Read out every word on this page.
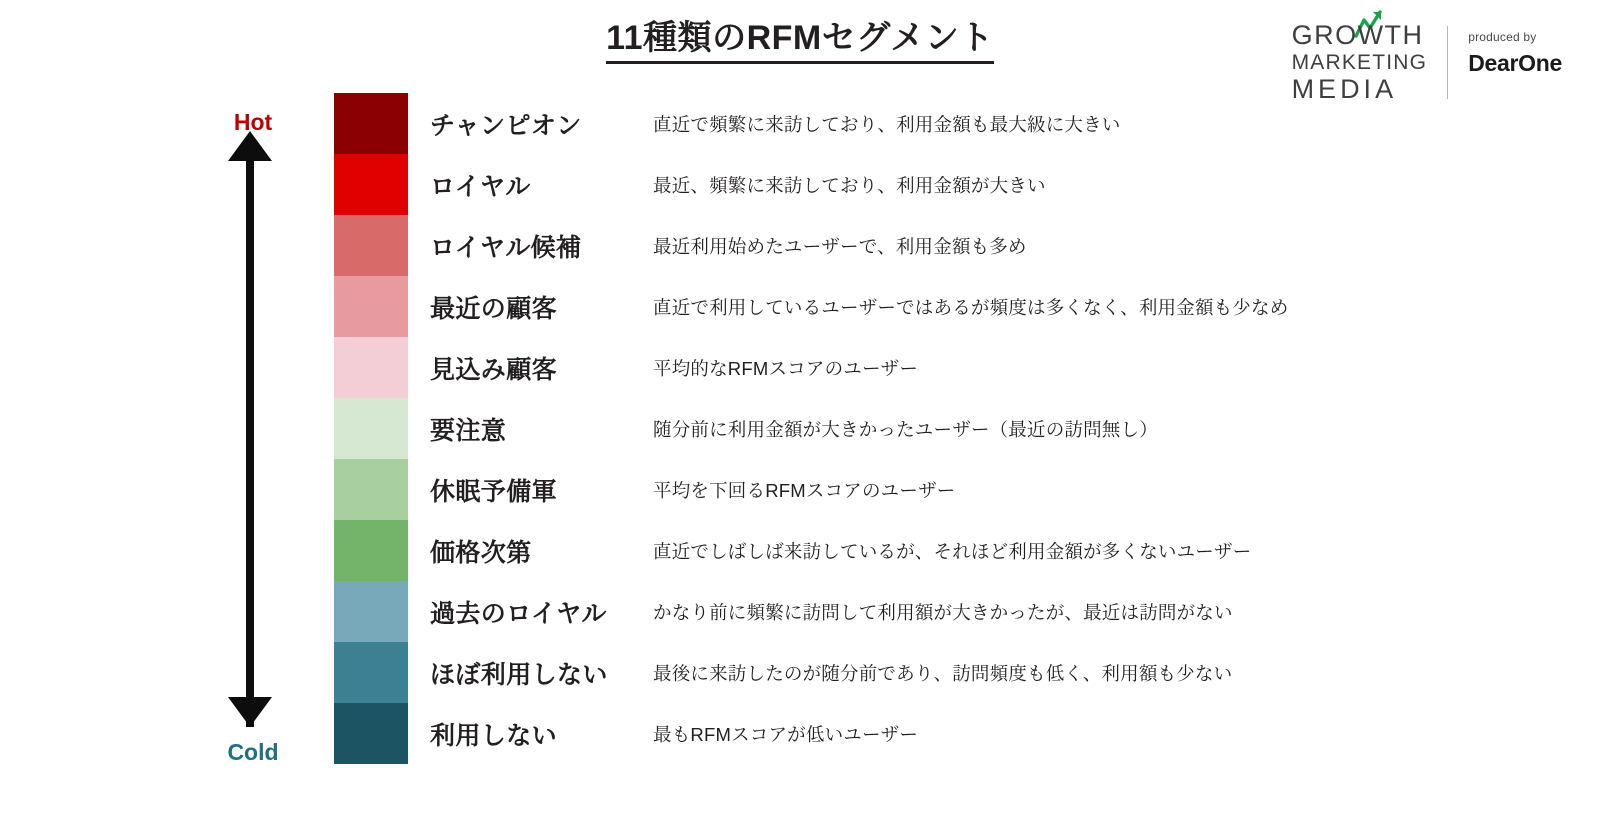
11種類のRFMセグメント	GROWTH
MARKETING
MEDIA
produced by
DearOne
Hot
Cold
チャンピオン	直近で頻繁に来訪しており、利用金額も最大級に大きい
ロイヤル	最近、頻繁に来訪しており、利用金額が大きい
ロイヤル候補	最近利用始めたユーザーで、利用金額も多め
最近の顧客	直近で利用しているユーザーではあるが頻度は多くなく、利用金額も少なめ
見込み顧客	平均的なRFMスコアのユーザー
要注意	随分前に利用金額が大きかったユーザー（最近の訪問無し）
休眠予備軍	平均を下回るRFMスコアのユーザー
価格次第	直近でしばしば来訪しているが、それほど利用金額が多くないユーザー
過去のロイヤル	かなり前に頻繁に訪問して利用額が大きかったが、最近は訪問がない
ほぼ利用しない	最後に来訪したのが随分前であり、訪問頻度も低く、利用額も少ない
利用しない	最もRFMスコアが低いユーザー
